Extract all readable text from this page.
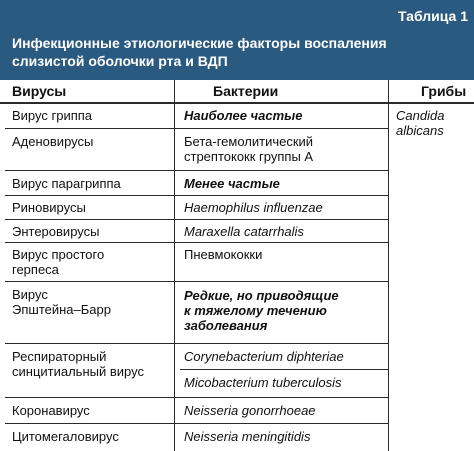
Таблица 1
Инфекционные этиологические факторы воспаления
слизистой оболочки рта и ВДП
Вирусы	Бактерии	Грибы
Вирус гриппа
Аденовирусы
Вирус парагриппа
Риновирусы
Энтеровирусы
Вирус простого
герпеса
Вирус
Эпштейна–Барр
Респираторный
синцитиальный вирус
Коронавирус
Цитомегаловирус
Наиболее частые
Бета-гемолитический
стрептококк группы А
Менее частые
Haemophilus influenzae
Maraxella catarrhalis
Пневмококки
Редкие, но приводящие
к тяжелому течению
заболевания
Corynebacterium diphteriae
Micobacterium tuberculosis
Neisseria gonorrhoeae
Neisseria meningitidis
Candida
albicans
